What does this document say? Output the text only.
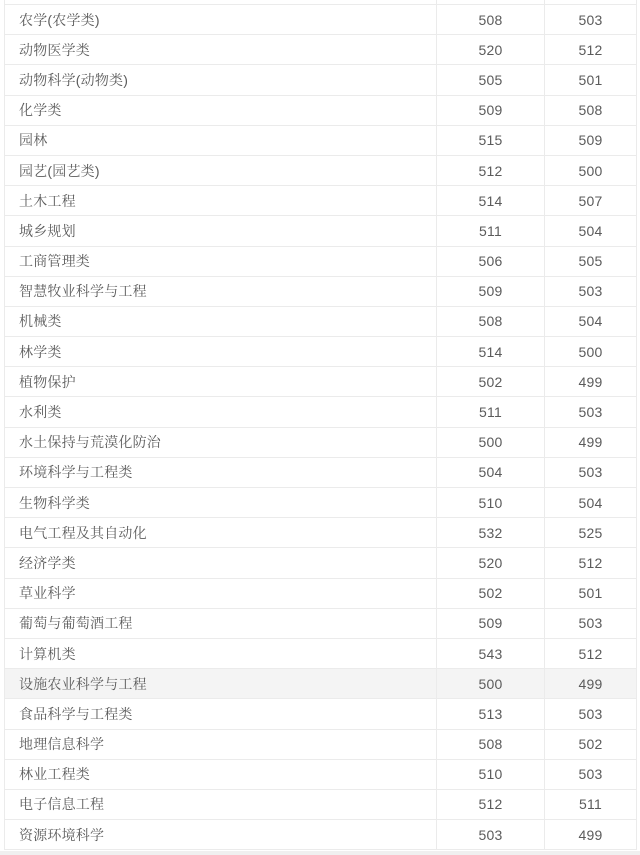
农学(农学类)	508	503
动物医学类	520	512
动物科学(动物类)	505	501
化学类	509	508
园林	515	509
园艺(园艺类)	512	500
土木工程	514	507
城乡规划	511	504
工商管理类	506	505
智慧牧业科学与工程	509	503
机械类	508	504
林学类	514	500
植物保护	502	499
水利类	511	503
水土保持与荒漠化防治	500	499
环境科学与工程类	504	503
生物科学类	510	504
电气工程及其自动化	532	525
经济学类	520	512
草业科学	502	501
葡萄与葡萄酒工程	509	503
计算机类	543	512
设施农业科学与工程	500	499
食品科学与工程类	513	503
地理信息科学	508	502
林业工程类	510	503
电子信息工程	512	511
资源环境科学	503	499
